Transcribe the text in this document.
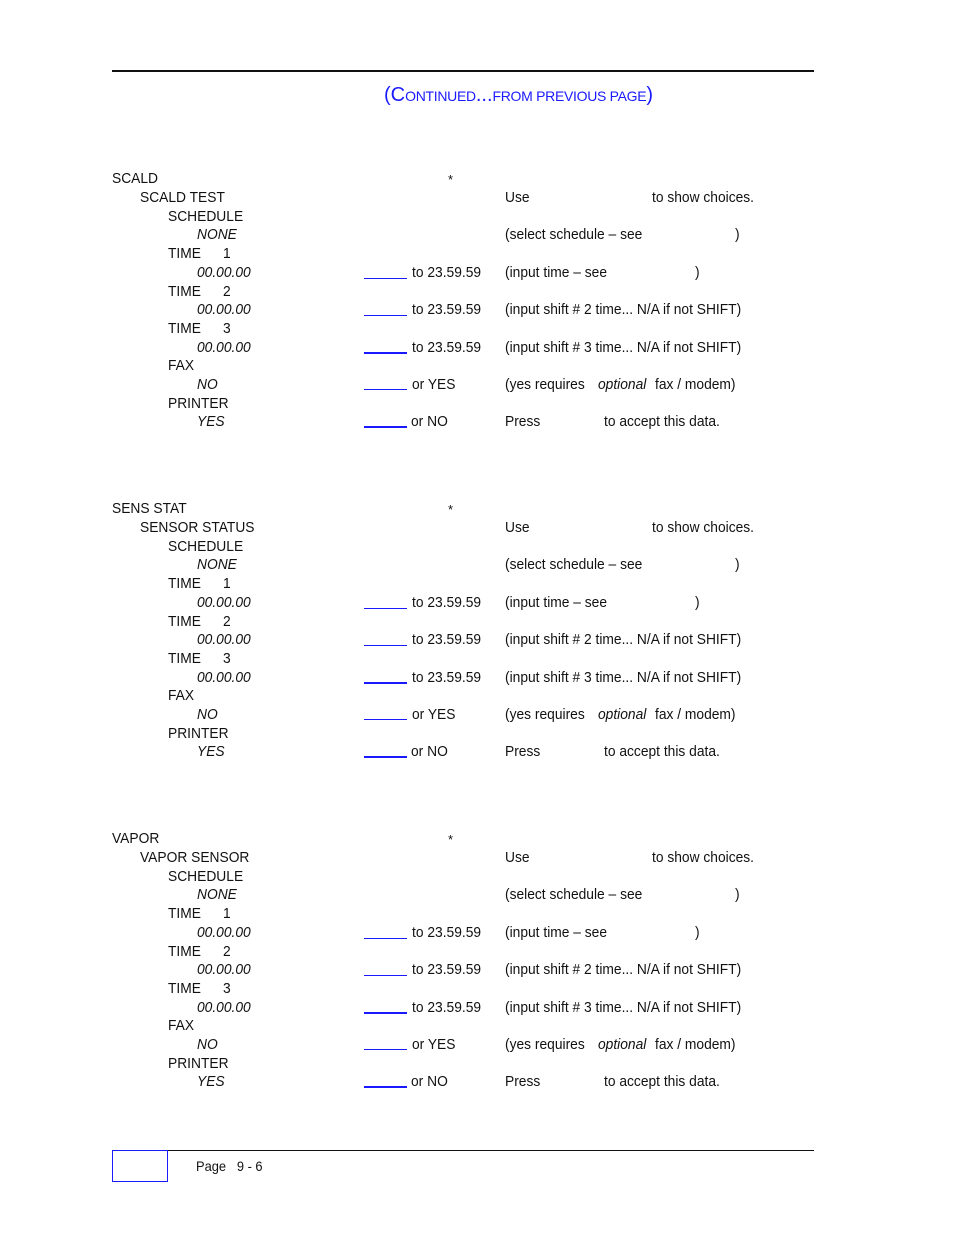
(CONTINUED...FROM PREVIOUS PAGE)
SCALD	*
SCALD TEST	Use	to show choices.
SCHEDULE
NONE	(select schedule – see	)
TIME 1
00.00.00	to 23.59.59 (input time – see	)
TIME 2
00.00.00	to 23.59.59 (input shift # 2 time... N/A if not SHIFT)
TIME 3
00.00.00	to 23.59.59 (input shift # 3 time... N/A if not SHIFT)
FAX
NO	or YES	(yes requires optional fax / modem)
PRINTER
YES	or NO	Press	to accept this data.
SENS STAT	*
SENSOR STATUS	Use	to show choices.
SCHEDULE
NONE	(select schedule – see	)
TIME 1
00.00.00	to 23.59.59 (input time – see	)
TIME 2
00.00.00	to 23.59.59 (input shift # 2 time... N/A if not SHIFT)
TIME 3
00.00.00	to 23.59.59 (input shift # 3 time... N/A if not SHIFT)
FAX
NO	or YES	(yes requires optional fax / modem)
PRINTER
YES	or NO	Press	to accept this data.
VAPOR	*
VAPOR SENSOR	Use	to show choices.
SCHEDULE
NONE	(select schedule – see	)
TIME 1
00.00.00	to 23.59.59 (input time – see	)
TIME 2
00.00.00	to 23.59.59 (input shift # 2 time... N/A if not SHIFT)
TIME 3
00.00.00	to 23.59.59 (input shift # 3 time... N/A if not SHIFT)
FAX
NO	or YES	(yes requires optional fax / modem)
PRINTER
YES	or NO	Press	to accept this data.
Page 9 - 6
